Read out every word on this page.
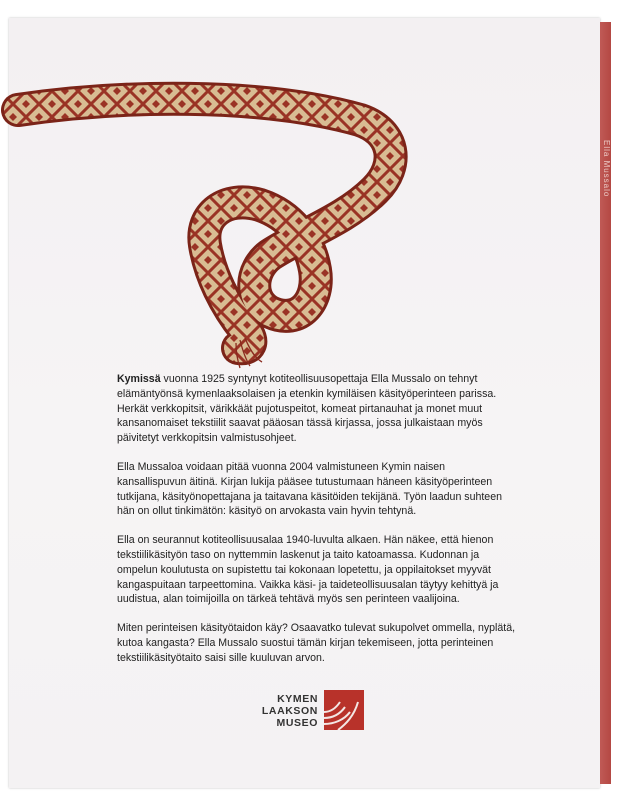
Ella Mussalo

Kymissä vuonna 1925 syntynyt kotiteollisuusopettaja Ella Mussalo on tehnyt elämäntyönsä kymenlaaksolaisen ja etenkin kymiläisen käsityöperinteen parissa. Herkät verkkopitsit, värikkäät pujotuspeitot, komeat pirtanauhat ja monet muut kansanomaiset tekstiilit saavat pääosan tässä kirjassa, jossa julkaistaan myös päivitetyt verkkopitsin valmistusohjeet.

Ella Mussaloa voidaan pitää vuonna 2004 valmistuneen Kymin naisen kansallispuvun äitinä. Kirjan lukija pääsee tutustumaan häneen käsityöperinteen tutkijana, käsityönopettajana ja taitavana käsitöiden tekijänä. Työn laadun suhteen hän on ollut tinkimätön: käsityö on arvokasta vain hyvin tehtynä.

Ella on seurannut kotiteollisuusalaa 1940-luvulta alkaen. Hän näkee, että hienon tekstiilikäsityön taso on nyttemmin laskenut ja taito katoamassa. Kudonnan ja ompelun koulutusta on supistettu tai kokonaan lopetettu, ja oppilaitokset myyvät kangaspuitaan tarpeettomina. Vaikka käsi- ja taideteollisuusalan täytyy kehittyä ja uudistua, alan toimijoilla on tärkeä tehtävä myös sen perinteen vaalijoina.

Miten perinteisen käsityötaidon käy? Osaavatko tulevat sukupolvet ommella, nyplätä, kutoa kangasta? Ella Mussalo suostui tämän kirjan tekemiseen, jotta perinteinen tekstiilikäsityötaito saisi sille kuuluvan arvon.

KYMEN
LAAKSON
MUSEO
